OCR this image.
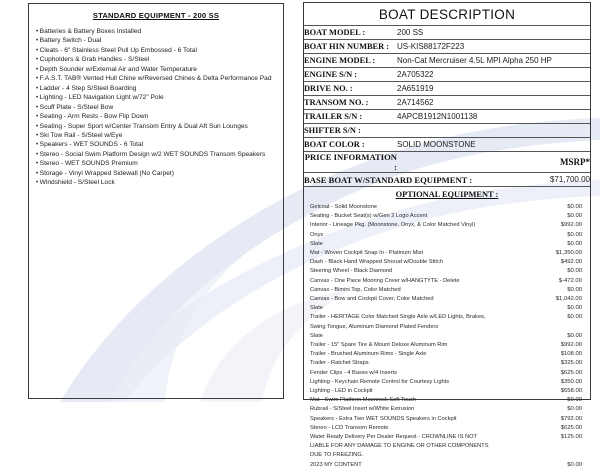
STANDARD EQUIPMENT - 200 SS
• Batteries & Battery Boxes Installed
• Battery Switch - Dual
• Cleats - 6" Stainless Steel Pull Up Embossed - 6 Total
• Cupholders & Grab Handles - S/Steel
• Depth Sounder w/External Air and Water Temperature
• F.A.S.T. TAB® Vented Hull Chine w/Reversed Chines & Delta Performance Pad
• Ladder - 4 Step S/Steel Boarding
• Lighting - LED Navigation Light w/72" Pole
• Scuff Plate - S/Steel Bow
• Seating - Arm Rests - Bow Flip Down
• Seating - Super Sport w/Center Transom Entry & Dual Aft Sun Lounges
• Ski Tow Rail - S/Steel w/Eye
• Speakers - WET SOUNDS - 6 Total
• Stereo - Social Swim Platform Design w/2 WET SOUNDS Transom Speakers
• Stereo - WET SOUNDS Premium
• Storage - Vinyl Wrapped Sidewall (No Carpet)
• Windshield - S/Steel Lock
BOAT DESCRIPTION
BOAT MODEL :	200 SS
BOAT HIN NUMBER :	US-KIS88172F223
ENGINE MODEL :	Non-Cat Mercruiser 4.5L MPI Alpha 250 HP
ENGINE S/N :	2A705322
DRIVE NO. :	2A651919
TRANSOM NO. :	2A714562
TRAILER S/N :	4APCB1912N1001138
SHIFTER S/N :	
BOAT COLOR :	SOLID MOONSTONE
PRICE INFORMATION :	MSRP*
BASE BOAT W/STANDARD EQUIPMENT :	$71,700.00
OPTIONAL EQUIPMENT :
Gelcoat - Solid Moonstone	$0.00
Seating - Bucket Seat(s) w/Gen 2 Logo Accent	$0.00
Interior - Lineage Pkg. (Moonstone, Onyx, & Color Matched Vinyl)	$992.00
Onyx	$0.00
Slate	$0.00
Mat - Woven Cockpit Snap In - Platinum Mist	$1,350.00
Dash - Black Hand Wrapped Shroud w/Double Stitch	$492.00
Steering Wheel - Black Diamond	$0.00
Canvas - One Piece Mooring Cover w/HANGTYTE - Delete	$-472.00
Canvas - Bimini Top, Color Matched	$0.00
Canvas - Bow and Cockpit Cover, Color Matched	$1,042.00
Slate	$0.00
Trailer - HERITAGE Color Matched Single Axle w/LED Lights, Brakes,	$0.00
Swing Tongue, Aluminum Diamond Plated Fenders
Slate	$0.00
Trailer - 15" Spare Tire & Mount Deluxe Aluminum Rim	$992.00
Trailer - Brushed Aluminum Rims - Single Axle	$108.00
Trailer - Ratchet Straps	$325.00
Fender Clips - 4 Bases w/4 Inserts	$625.00
Lighting - Keychain Remote Control for Courtesy Lights	$350.00
Lighting - LED in Cockpit	$658.00
Mat - Swim Platform Moonrock Soft Touch	$0.00
Rubrail - S/Steel Insert w/White Extrusion	$0.00
Speakers - Extra Two WET SOUNDS Speakers in Cockpit	$792.00
Stereo - LCD Transom Remote	$625.00
Water Ready Delivery Per Dealer Request - CROWNLINE IS NOT	$125.00
LIABLE FOR ANY DAMAGE TO ENGINE OR OTHER COMPONENTS
DUE TO FREEZING.
2023 MY CONTENT	$0.00
